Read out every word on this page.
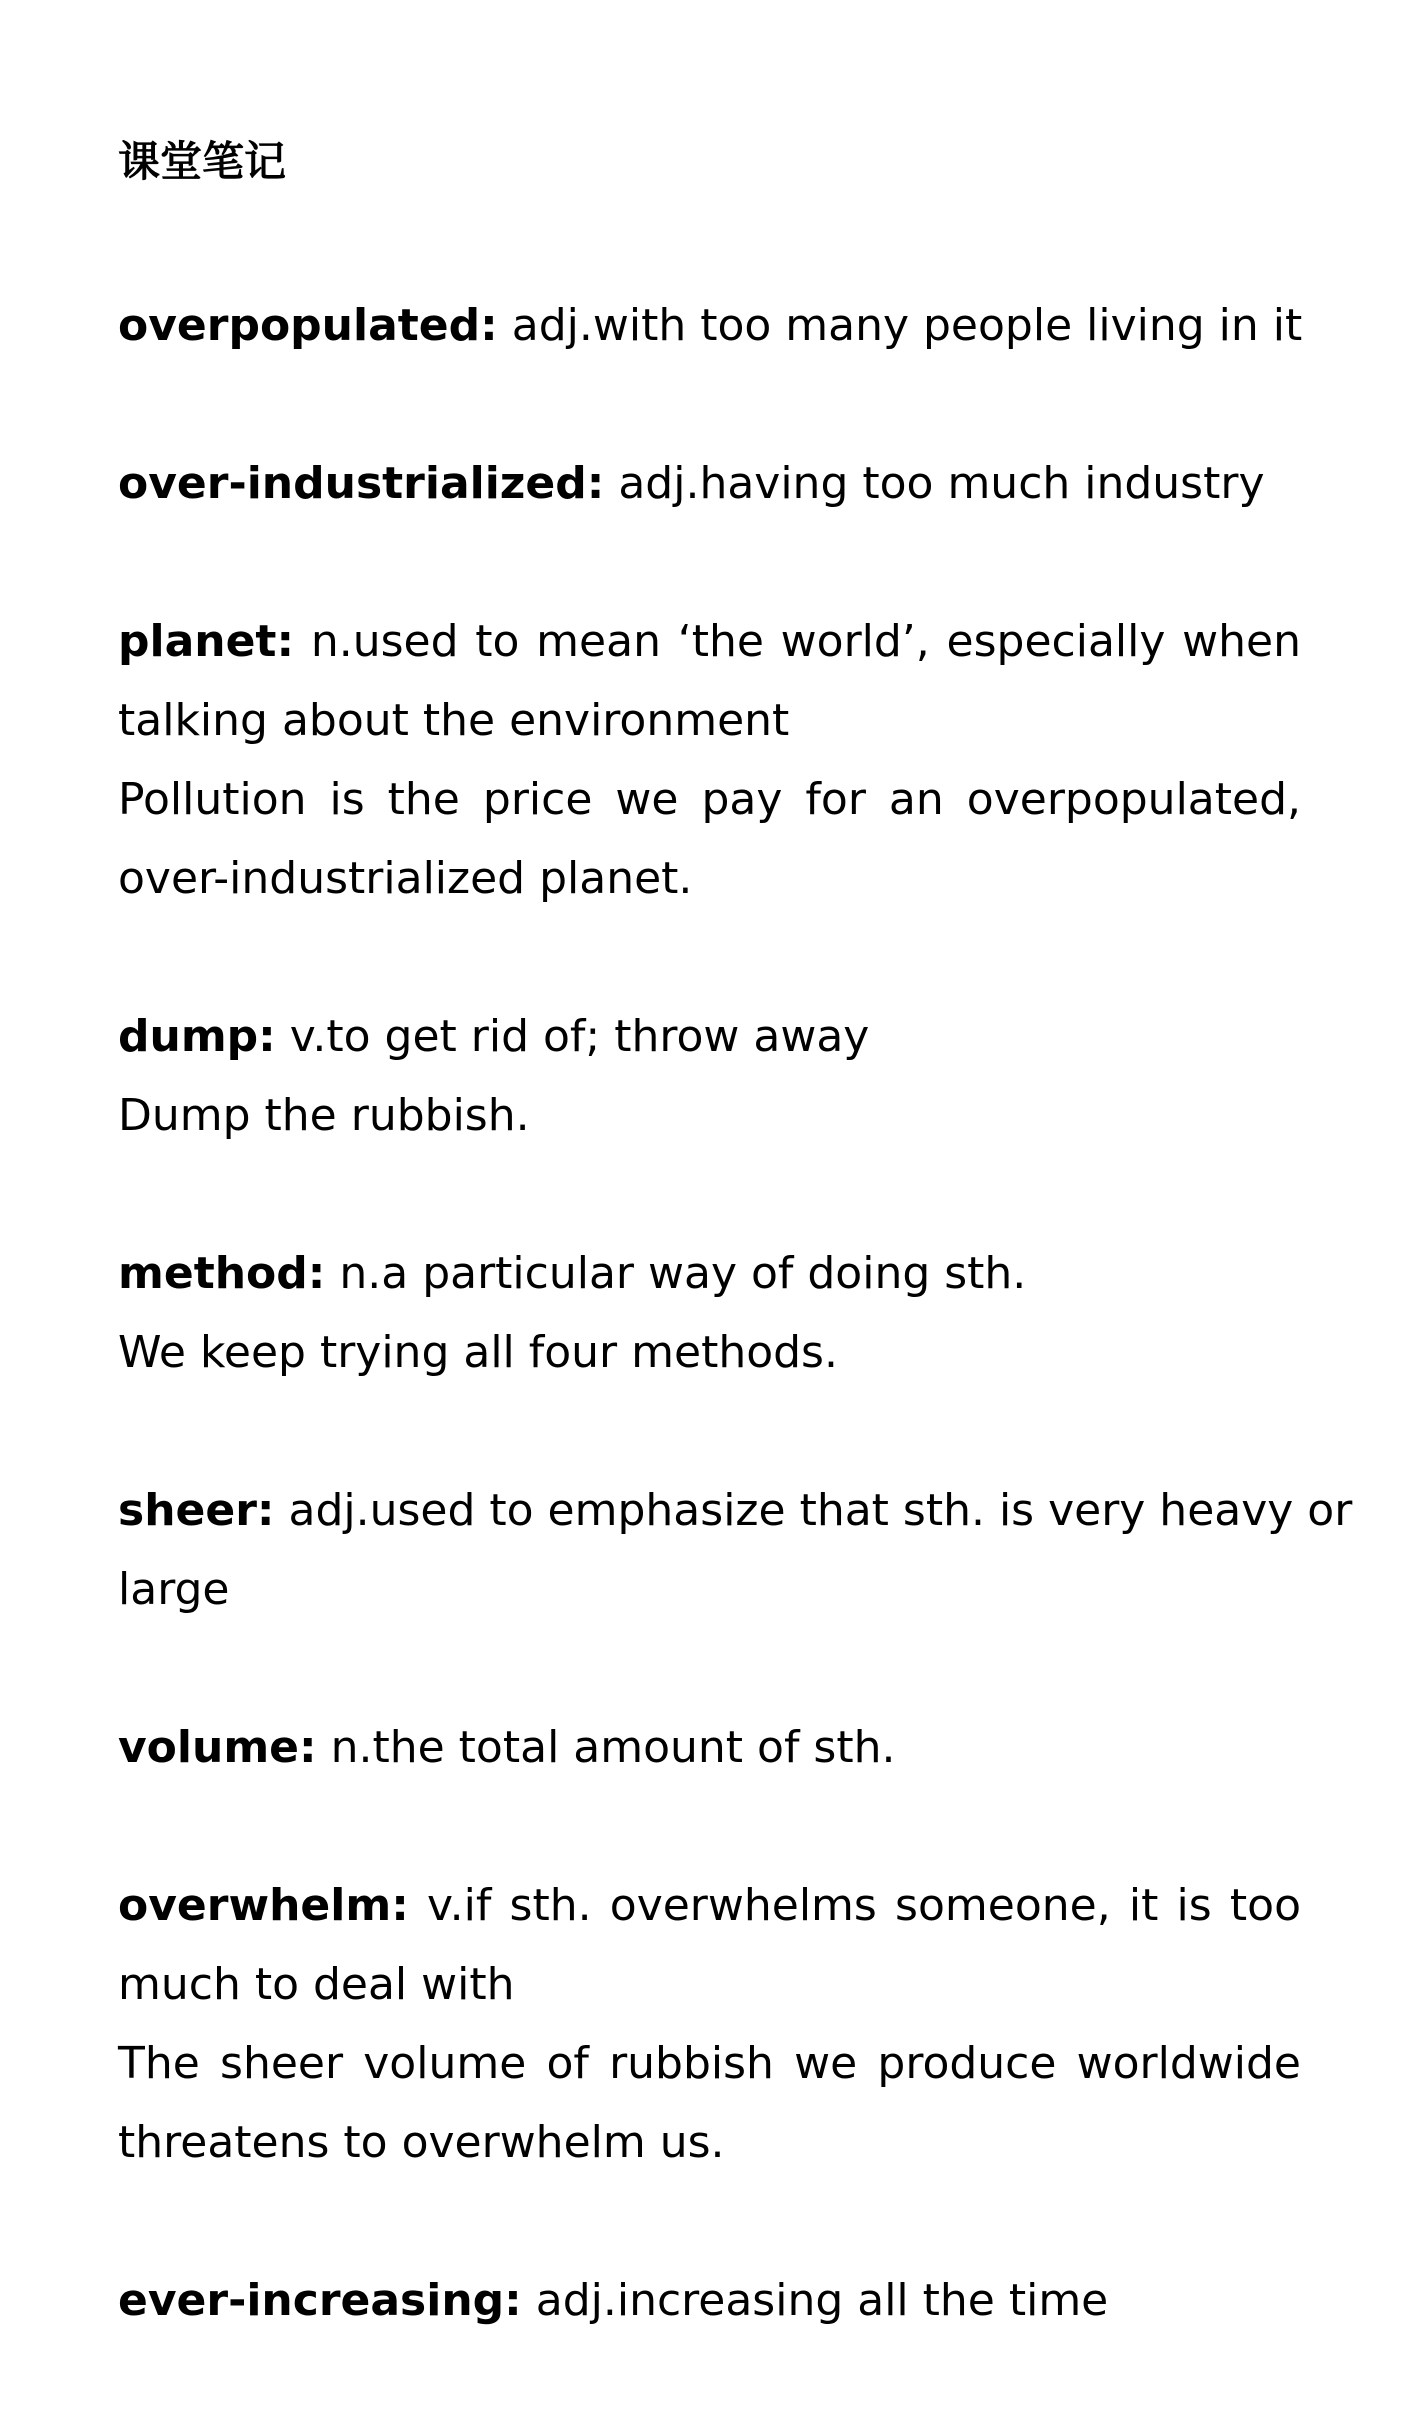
课堂笔记

overpopulated: adj.with too many people living in it

over-industrialized: adj.having too much industry

planet: n.used to mean ‘the world’, especially when

talking about the environment

Pollution is the price we pay for an overpopulated,

over-industrialized planet.

dump: v.to get rid of; throw away

Dump the rubbish.

method: n.a particular way of doing sth.

We keep trying all four methods.

sheer: adj.used to emphasize that sth. is very heavy or

large

volume: n.the total amount of sth.

overwhelm: v.if sth. overwhelms someone, it is too

much to deal with

The sheer volume of rubbish we produce worldwide

threatens to overwhelm us.

ever-increasing: adj.increasing all the time
